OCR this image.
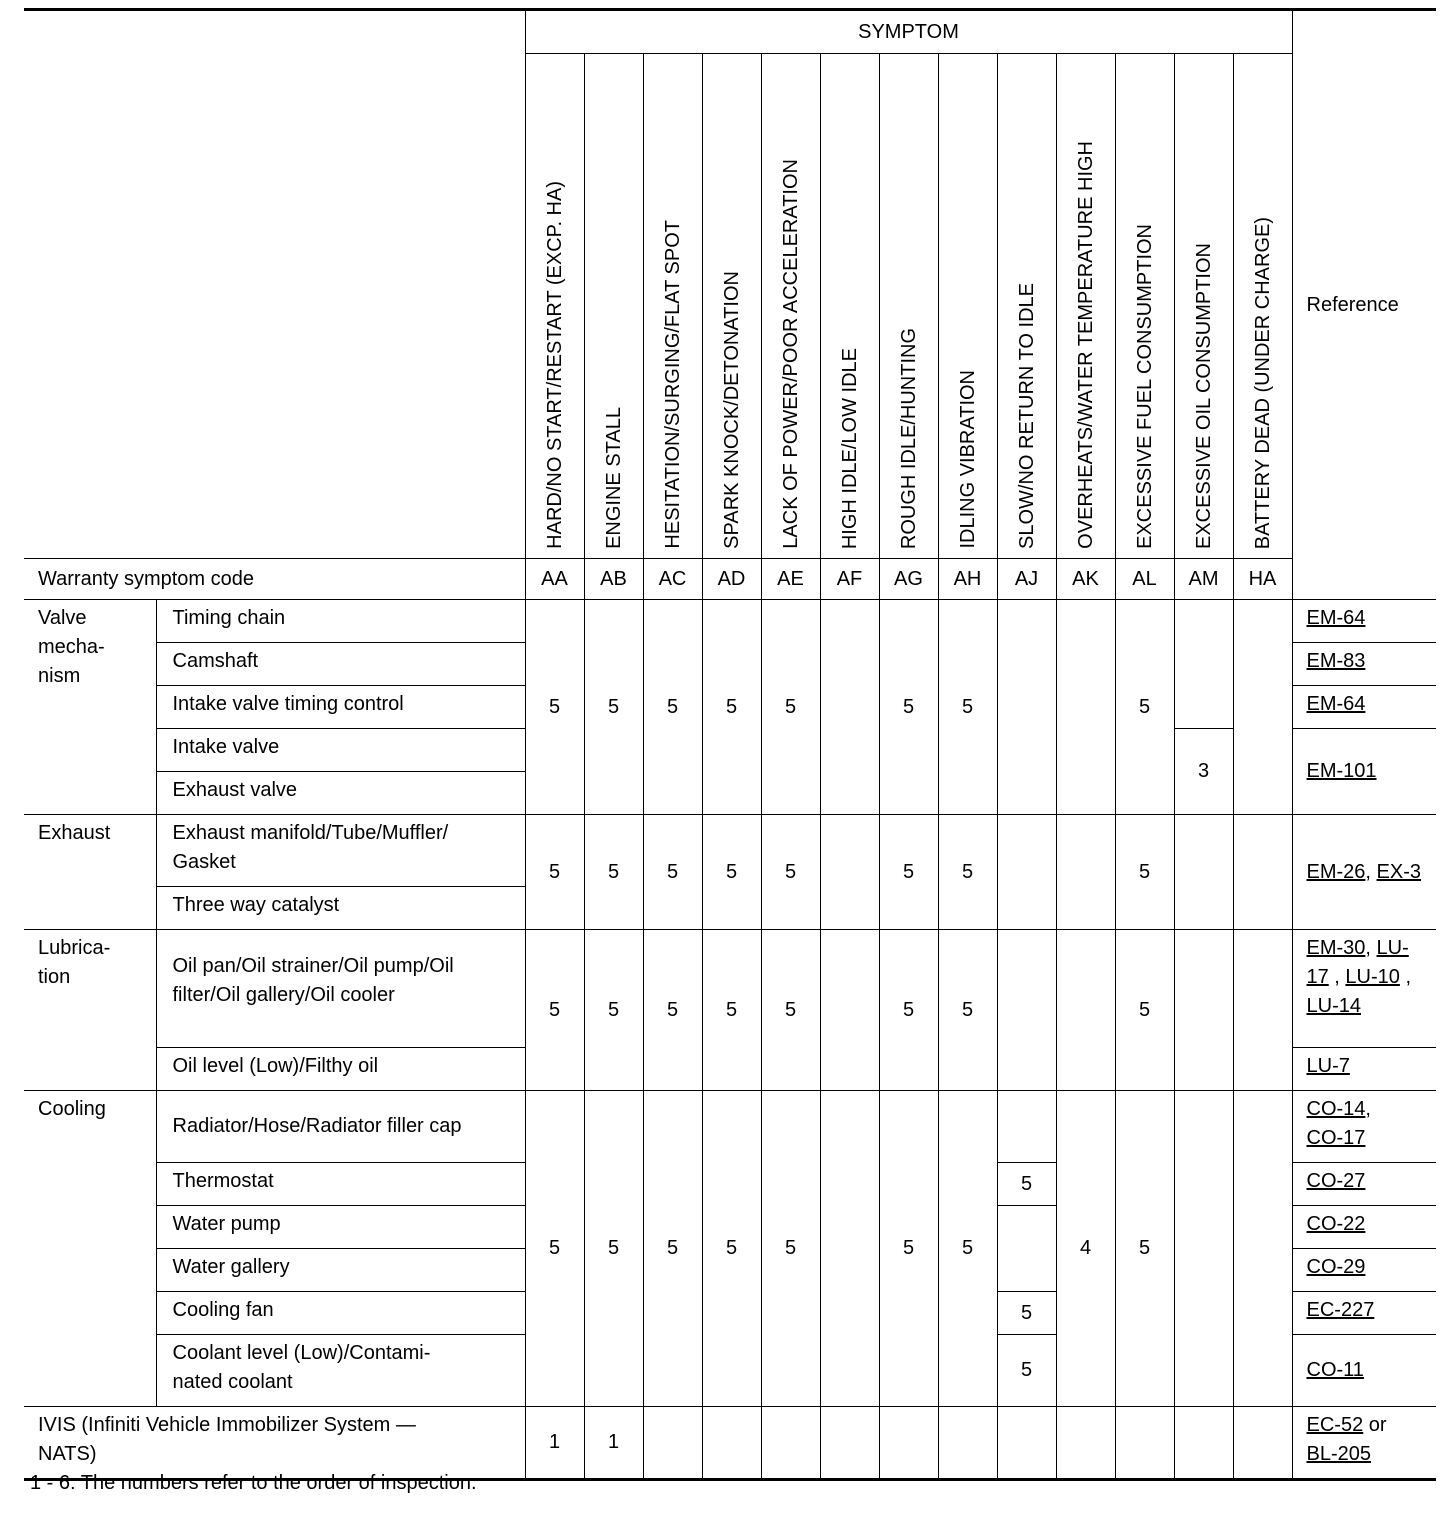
		SYMPTOM													Reference
		HARD/NO START/RESTART (EXCP. HA)	ENGINE STALL	HESITATION/SURGING/FLAT SPOT	SPARK KNOCK/DETONATION	LACK OF POWER/POOR ACCELERATION	HIGH IDLE/LOW IDLE	ROUGH IDLE/HUNTING	IDLING VIBRATION	SLOW/NO RETURN TO IDLE	OVERHEATS/WATER TEMPERATURE HIGH	EXCESSIVE FUEL CONSUMPTION	EXCESSIVE OIL CONSUMPTION	BATTERY DEAD (UNDER CHARGE)	
Warranty symptom code		AA	AB	AC	AD	AE	AF	AG	AH	AJ	AK	AL	AM	HA	
Valve
mecha-
nism	Timing chain	5	5	5	5	5		5	5			5			EM-64
	Camshaft														EM-83
	Intake valve timing control														EM-64
	Intake valve												3		EM-101
	Exhaust valve														
Exhaust	Exhaust manifold/Tube/Muffler/ Gasket	5	5	5	5	5		5	5			5			EM-26, EX-3
	Three way catalyst														
Lubrica-
tion	Oil pan/Oil strainer/Oil pump/Oil filter/Oil gallery/Oil cooler	5	5	5	5	5		5	5			5			EM-30, LU-17 , LU-10 , LU-14
	Oil level (Low)/Filthy oil														LU-7
Cooling	Radiator/Hose/Radiator filler cap	5	5	5	5	5		5	5		4	5			CO-14,
CO-17
	Thermostat									5					CO-27
	Water pump														CO-22
	Water gallery														CO-29
	Cooling fan									5					EC-227
	Coolant level (Low)/Contami-
nated coolant									5					CO-11
IVIS (Infiniti Vehicle Immobilizer System —
NATS)		1	1												EC-52 or
BL-205
1 - 6: The numbers refer to the order of inspection.
